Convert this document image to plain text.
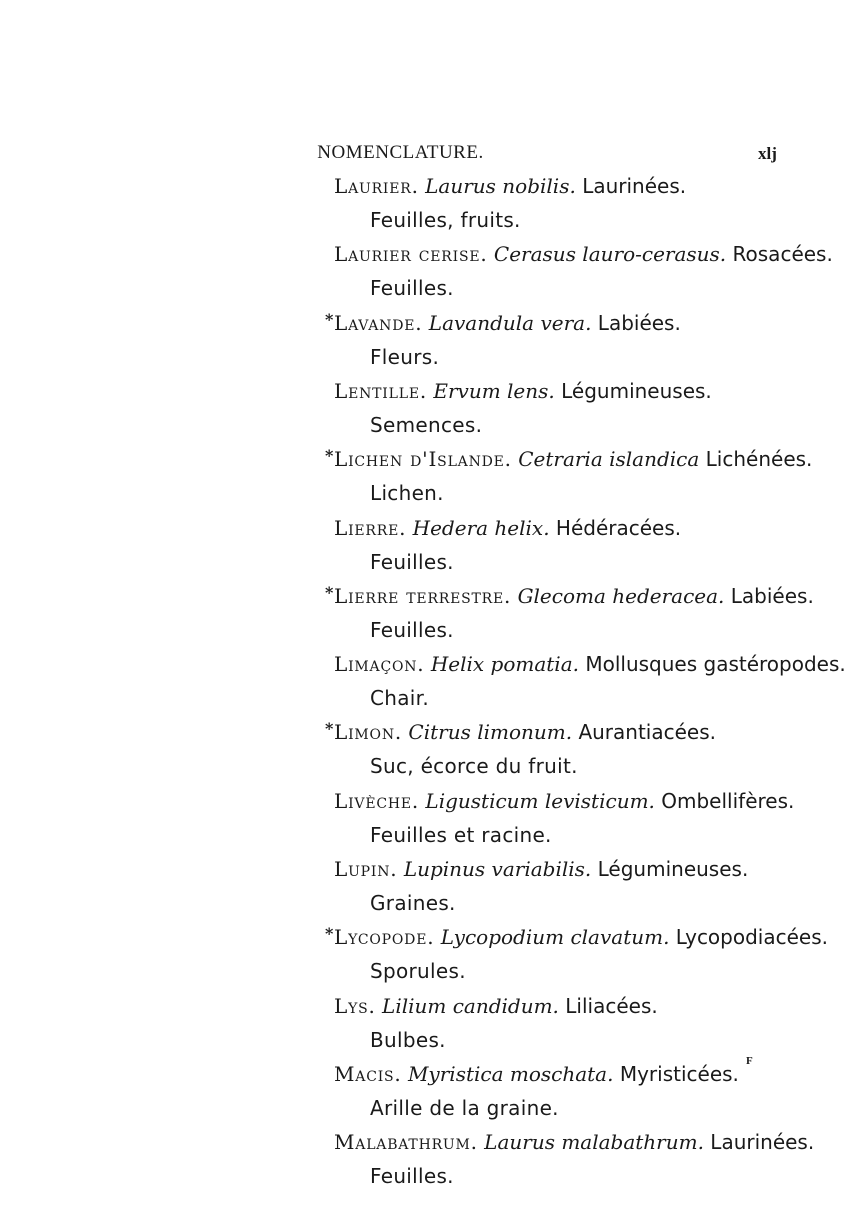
NOMENCLATURE.	xlj
Laurier. Laurus nobilis. Laurinées.
Feuilles, fruits.
Laurier cerise. Cerasus lauro-cerasus. Rosacées.
Feuilles.
* Lavande. Lavandula vera. Labiées.
Fleurs.
Lentille. Ervum lens. Légumineuses.
Semences.
* Lichen d'Islande. Cetraria islandica Lichénées.
Lichen.
Lierre. Hedera helix. Hédéracées.
Feuilles.
* Lierre terrestre. Glecoma hederacea. Labiées.
Feuilles.
Limaçon. Helix pomatia. Mollusques gastéropodes.
Chair.
* Limon. Citrus limonum. Aurantiacées.
Suc, écorce du fruit.
Livèche. Ligusticum levisticum. Ombellifères.
Feuilles et racine.
Lupin. Lupinus variabilis. Légumineuses.
Graines.
* Lycopode. Lycopodium clavatum. Lycopodiacées.
Sporules.
Lys. Lilium candidum. Liliacées.
Bulbes.
Macis. Myristica moschata. Myristicées.
Arille de la graine.
Malabathrum. Laurus malabathrum. Laurinées.
Feuilles.
F
